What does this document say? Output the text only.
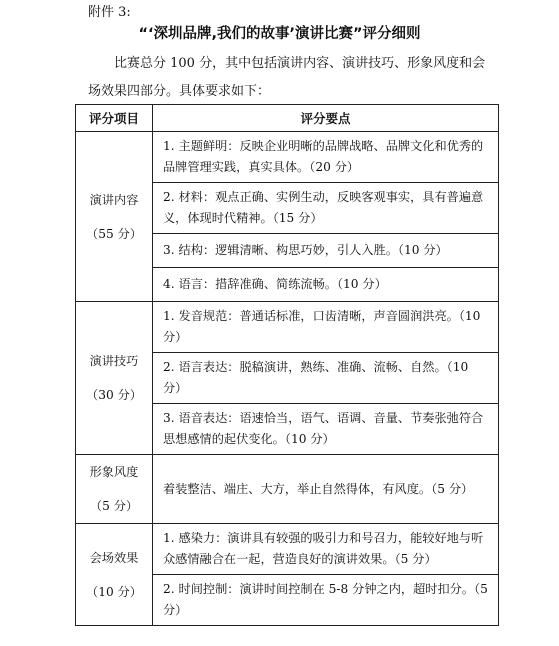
附件 3:
“‘深圳品牌,我们的故事’演讲比赛”评分细则
比赛总分 100 分，其中包括演讲内容、演讲技巧、形象风度和会场效果四部分。具体要求如下：
评分项目	评分要点

演讲内容
（55 分）	1. 主题鲜明：反映企业明晰的品牌战略、品牌文化和优秀的品牌管理实践，真实具体。（20 分）
	2. 材料：观点正确、实例生动，反映客观事实，具有普遍意义，体现时代精神。（15 分）
	3. 结构：逻辑清晰、构思巧妙，引人入胜。（10 分）
	4. 语言：措辞准确、简练流畅。（10 分）

演讲技巧
（30 分）	1. 发音规范：普通话标准，口齿清晰，声音圆润洪亮。（10 分）
	2. 语言表达：脱稿演讲，熟练、准确、流畅、自然。（10 分）
	3. 语音表达：语速恰当，语气、语调、音量、节奏张弛符合思想感情的起伏变化。（10 分）

形象风度
（5 分）	着装整洁、端庄、大方，举止自然得体，有风度。（5 分）

会场效果
（10 分）	1. 感染力：演讲具有较强的吸引力和号召力，能较好地与听众感情融合在一起，营造良好的演讲效果。（5 分）
	2. 时间控制：演讲时间控制在 5-8 分钟之内，超时扣分。（5 分）
